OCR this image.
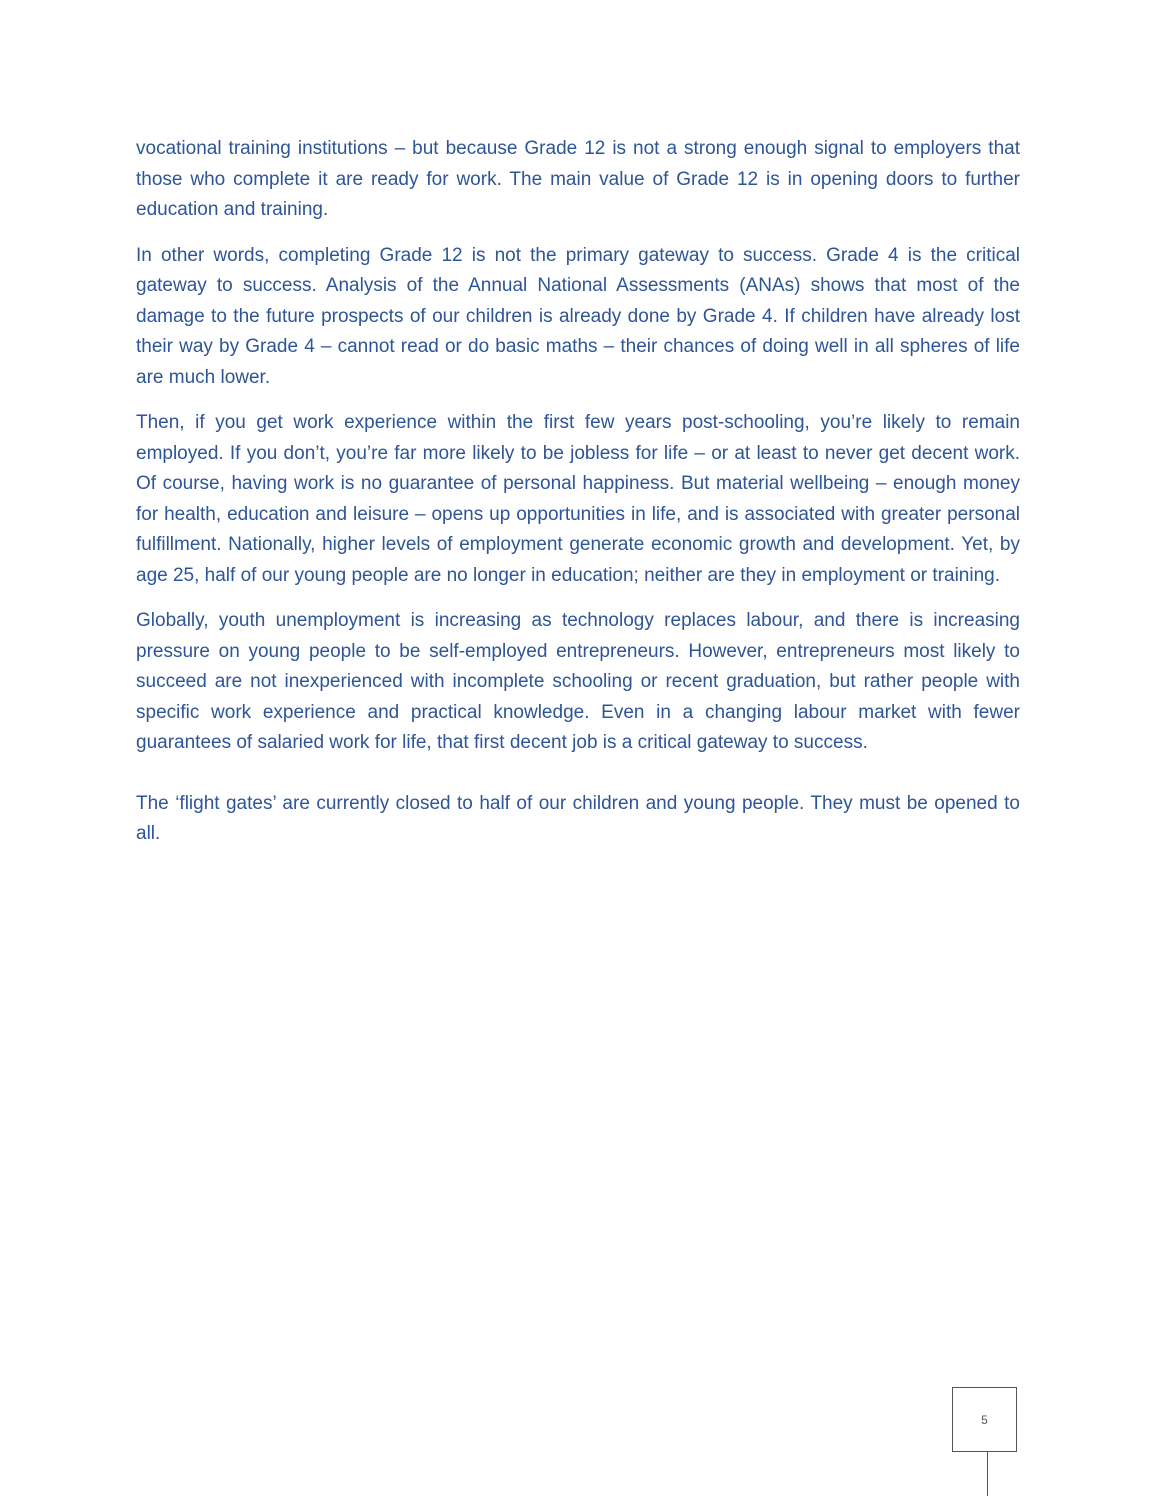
vocational training institutions – but because Grade 12 is not a strong enough signal to employers that those who complete it are ready for work. The main value of Grade 12 is in opening doors to further education and training.

In other words, completing Grade 12 is not the primary gateway to success. Grade 4 is the critical gateway to success. Analysis of the Annual National Assessments (ANAs) shows that most of the damage to the future prospects of our children is already done by Grade 4. If children have already lost their way by Grade 4 – cannot read or do basic maths – their chances of doing well in all spheres of life are much lower.

Then, if you get work experience within the first few years post-schooling, you’re likely to remain employed. If you don’t, you’re far more likely to be jobless for life – or at least to never get decent work. Of course, having work is no guarantee of personal happiness. But material wellbeing – enough money for health, education and leisure – opens up opportunities in life, and is associated with greater personal fulfillment. Nationally, higher levels of employment generate economic growth and development. Yet, by age 25, half of our young people are no longer in education; neither are they in employment or training.

Globally, youth unemployment is increasing as technology replaces labour, and there is increasing pressure on young people to be self-employed entrepreneurs. However, entrepreneurs most likely to succeed are not inexperienced with incomplete schooling or recent graduation, but rather people with specific work experience and practical knowledge. Even in a changing labour market with fewer guarantees of salaried work for life, that first decent job is a critical gateway to success.

The ‘flight gates’ are currently closed to half of our children and young people. They must be opened to all.

5
